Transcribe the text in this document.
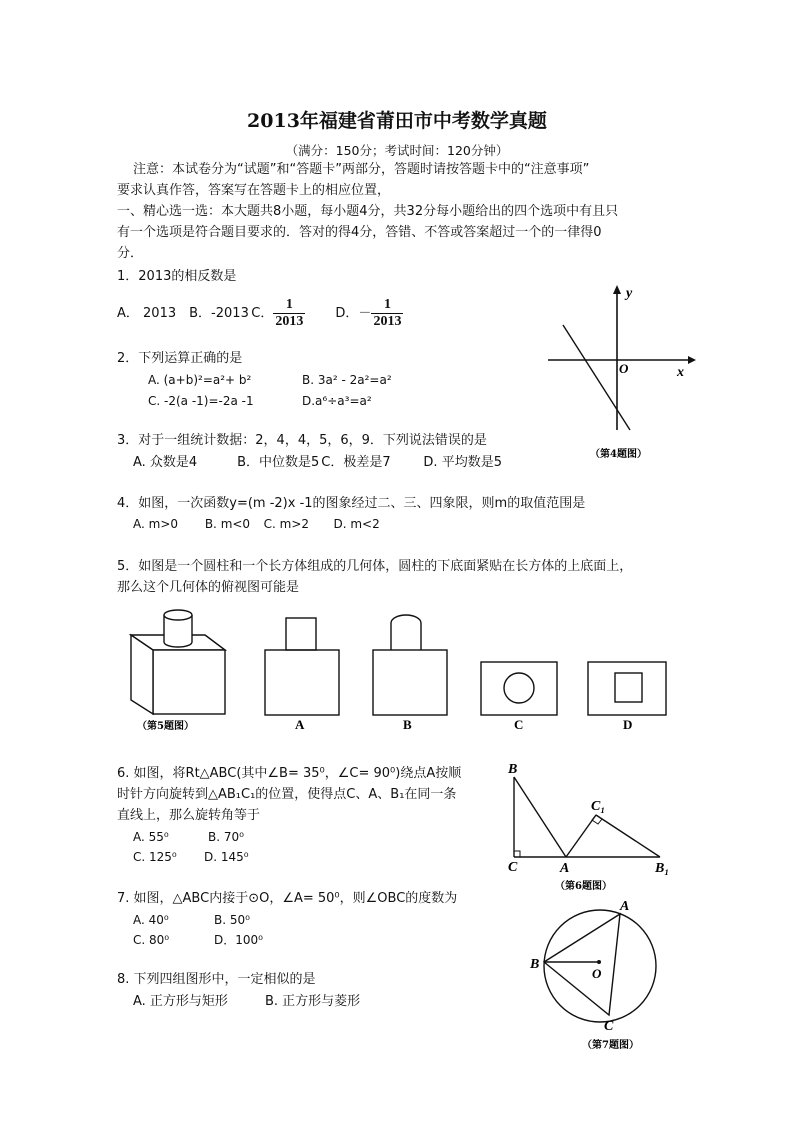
2013年福建省莆田市中考数学真题
（满分：150分；考试时间：120分钟）
注意：本试卷分为“试题”和“答题卡”两部分，答题时请按答题卡中的“注意事项”
要求认真作答，答案写在答题卡上的相应位置，
一、精心选一选：本大题共8小题，每小题4分，共32分每小题给出的四个选项中有且只
有一个选项是符合题目要求的．答对的得4分，答错、不答或答案超过一个的一律得0
分．
1．2013的相反数是
A． 2013 B．-2013 C． $\frac{1}{2013}$ D．－ $\frac{1}{2013}$
2．下列运算正确的是
A. (a+b)²=a²+ b²	B. 3a² - 2a²=a²
C. -2(a -1)=-2a -1	D.a⁶÷a³=a²
3．对于一组统计数据：2，4，4，5，6，9．下列说法错误的是
A. 众数是4	B．中位数是5 C．极差是7	D. 平均数是5
4．如图，一次函数y=(m -2)x -1的图象经过二、三、四象限，则m的取值范围是
A. m>0 B. m<0 C. m>2 D. m<2
y
x
O
（第4题图）
5．如图是一个圆柱和一个长方体组成的几何体，圆柱的下底面紧贴在长方体的上底面上，
那么这个几何体的俯视图可能是
（第5题图）	A	B	C	D
6. 如图，将Rt△ABC(其中∠B= 35⁰，∠C= 90⁰)绕点A按顺
时针方向旋转到△AB₁C₁的位置，使得点C、A、B₁在同一条
直线上，那么旋转角等于
A. 55⁰	B. 70⁰
C. 125⁰ D. 145⁰
B
C	A
C₁
B₁
（第6题图）
7. 如图，△ABC内接于⊙O，∠A= 50⁰，则∠OBC的度数为
A. 40⁰	B. 50⁰
C. 80⁰	D．100⁰
A
B
C
O
（第7题图）
8. 下列四组图形中，一定相似的是
A. 正方形与矩形	B. 正方形与菱形
